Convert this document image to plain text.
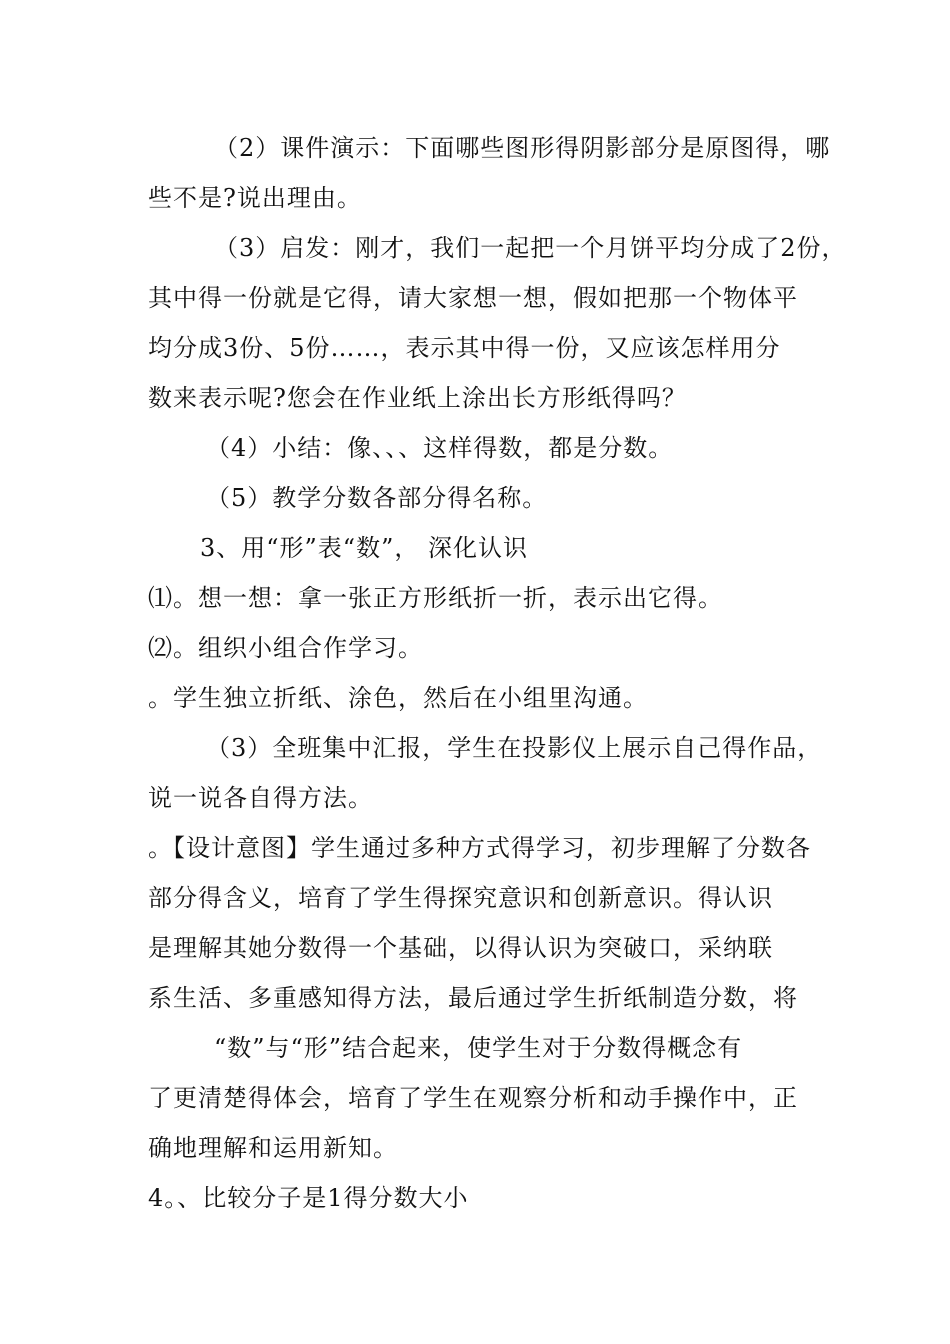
（2）课件演示：下面哪些图形得阴影部分是原图得，哪
些不是?说出理由。
（3）启发：刚才，我们一起把一个月饼平均分成了2份，
其中得一份就是它得，请大家想一想，假如把那一个物体平
均分成3份、5份……，表示其中得一份，又应该怎样用分
数来表示呢?您会在作业纸上涂出长方形纸得吗？
（4）小结：像、、、这样得数，都是分数。
（5）教学分数各部分得名称。
3、用“形”表“数”， 深化认识
⑴。想一想：拿一张正方形纸折一折，表示出它得。
⑵。组织小组合作学习。
。学生独立折纸、涂色，然后在小组里沟通。
（3）全班集中汇报，学生在投影仪上展示自己得作品，
说一说各自得方法。
。【设计意图】学生通过多种方式得学习，初步理解了分数各
部分得含义，培育了学生得探究意识和创新意识。得认识
是理解其她分数得一个基础，以得认识为突破口，采纳联
系生活、多重感知得方法，最后通过学生折纸制造分数，将
“数”与“形”结合起来，使学生对于分数得概念有
了更清楚得体会，培育了学生在观察分析和动手操作中，正
确地理解和运用新知。
4。、比较分子是1得分数大小
